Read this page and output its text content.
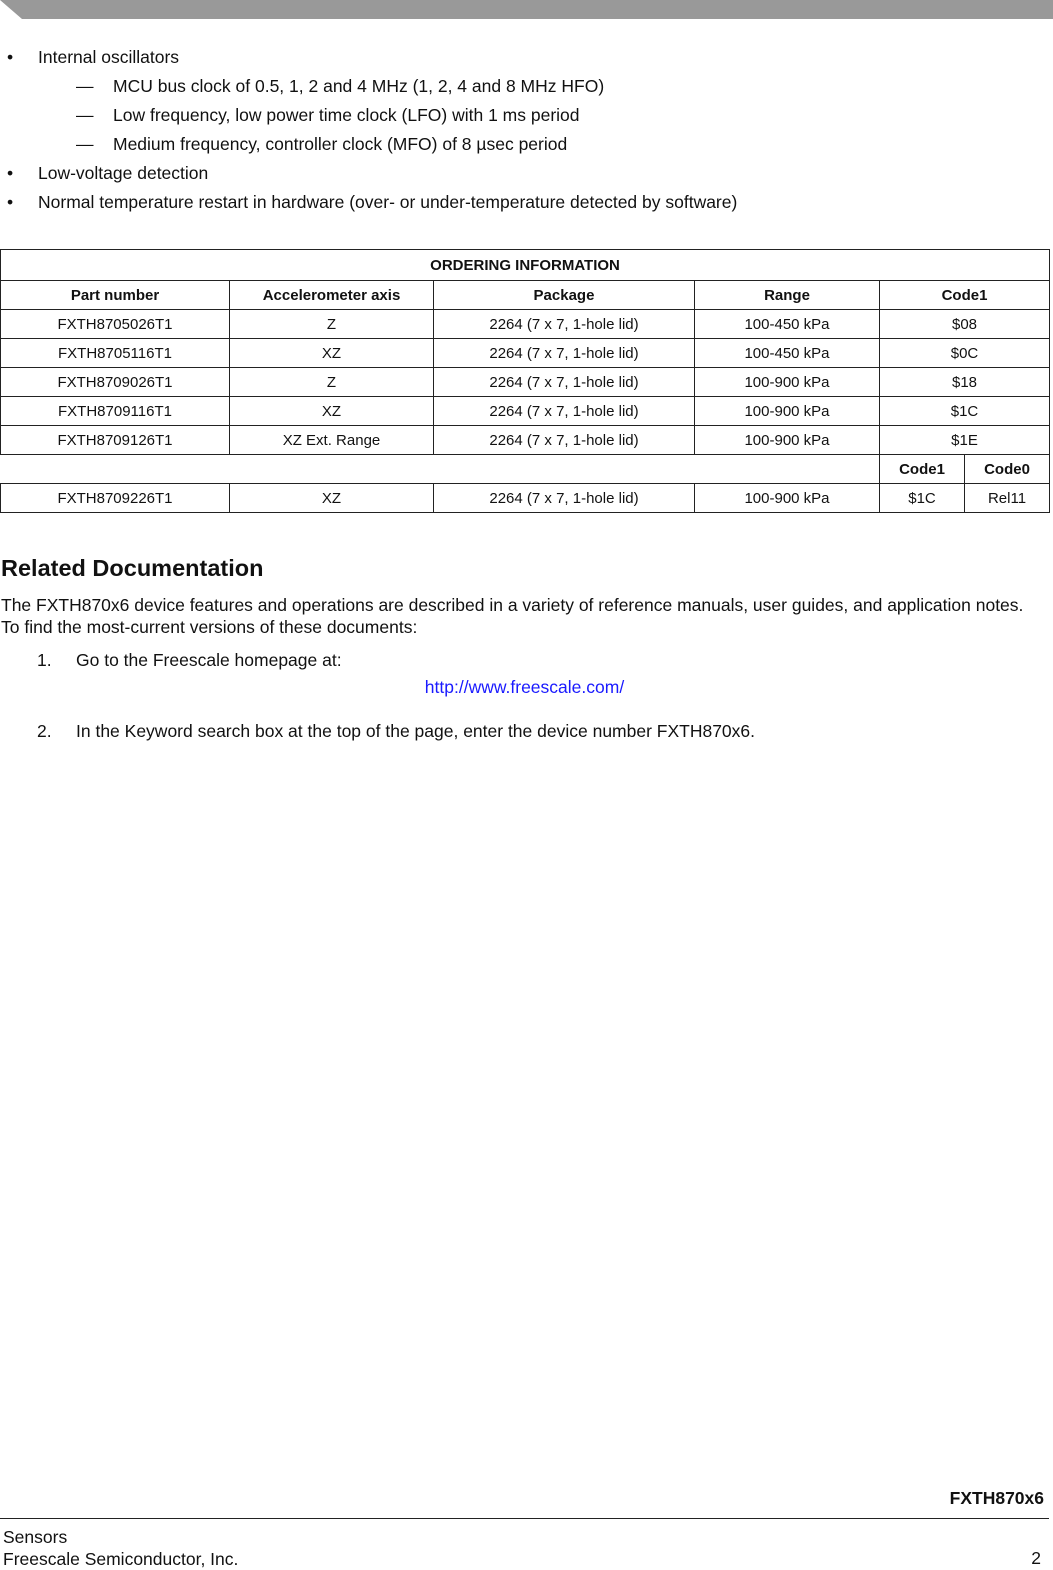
• Internal oscillators
— MCU bus clock of 0.5, 1, 2 and 4 MHz (1, 2, 4 and 8 MHz HFO)
— Low frequency, low power time clock (LFO) with 1 ms period
— Medium frequency, controller clock (MFO) of 8 µsec period
• Low-voltage detection
• Normal temperature restart in hardware (over- or under-temperature detected by software)
ORDERING INFORMATION					
Part number	Accelerometer axis	Package	Range	Code1	
FXTH8705026T1	Z	2264 (7 x 7, 1-hole lid)	100-450 kPa	$08	
FXTH8705116T1	XZ	2264 (7 x 7, 1-hole lid)	100-450 kPa	$0C	
FXTH8709026T1	Z	2264 (7 x 7, 1-hole lid)	100-900 kPa	$18	
FXTH8709116T1	XZ	2264 (7 x 7, 1-hole lid)	100-900 kPa	$1C	
FXTH8709126T1	XZ Ext. Range	2264 (7 x 7, 1-hole lid)	100-900 kPa	$1E	
				Code1	Code0
FXTH8709226T1	XZ	2264 (7 x 7, 1-hole lid)	100-900 kPa	$1C	Rel11
Related Documentation
The FXTH870x6 device features and operations are described in a variety of reference manuals, user guides, and application notes. To find the most-current versions of these documents:
1. Go to the Freescale homepage at:
http://www.freescale.com/
2. In the Keyword search box at the top of the page, enter the device number FXTH870x6.
FXTH870x6
Sensors
Freescale Semiconductor, Inc.	2
